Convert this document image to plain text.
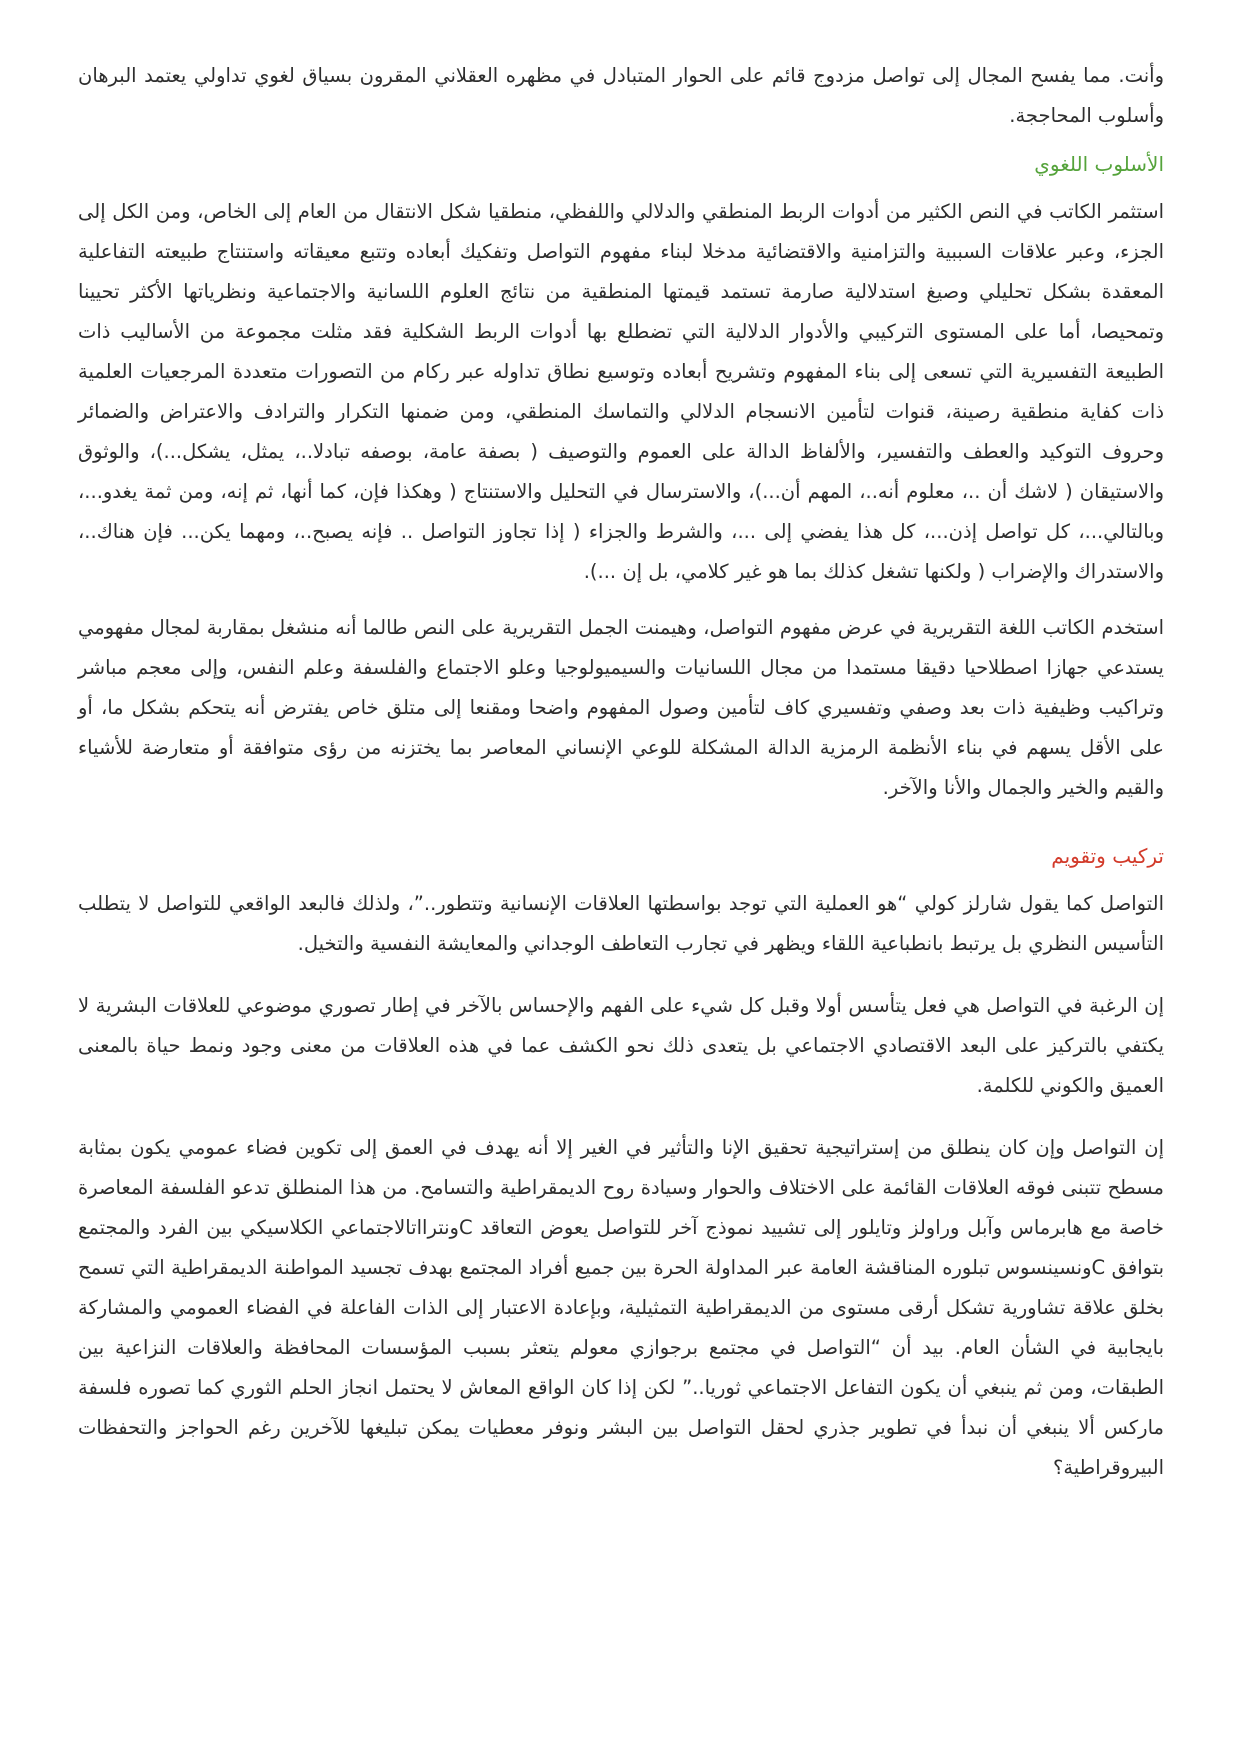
وأنت. مما يفسح المجال إلى تواصل مزدوج قائم على الحوار المتبادل في مظهره العقلاني المقرون بسياق لغوي تداولي يعتمد البرهان وأسلوب المحاججة.

الأسلوب اللغوي

استثمر الكاتب في النص الكثير من أدوات الربط المنطقي والدلالي واللفظي، منطقيا شكل الانتقال من العام إلى الخاص، ومن الكل إلى الجزء، وعبر علاقات السببية والتزامنية والاقتضائية مدخلا لبناء مفهوم التواصل وتفكيك أبعاده وتتبع معيقاته واستنتاج طبيعته التفاعلية المعقدة بشكل تحليلي وصيغ استدلالية صارمة تستمد قيمتها المنطقية من نتائج العلوم اللسانية والاجتماعية ونظرياتها الأكثر تحيينا وتمحيصا، أما على المستوى التركيبي والأدوار الدلالية التي تضطلع بها أدوات الربط الشكلية فقد مثلت مجموعة من الأساليب ذات الطبيعة التفسيرية التي تسعى إلى بناء المفهوم وتشريح أبعاده وتوسيع نطاق تداوله عبر ركام من التصورات متعددة المرجعيات العلمية ذات كفاية منطقية رصينة، قنوات لتأمين الانسجام الدلالي والتماسك المنطقي، ومن ضمنها التكرار والترادف والاعتراض والضمائر وحروف التوكيد والعطف والتفسير، والألفاظ الدالة على العموم والتوصيف ( بصفة عامة، بوصفه تبادلا..، يمثل، يشكل...)، والوثوق والاستيقان ( لاشك أن ..، معلوم أنه..، المهم أن...)، والاسترسال في التحليل والاستنتاج ( وهكذا فإن، كما أنها، ثم إنه، ومن ثمة يغدو...، وبالتالي...، كل تواصل إذن...، كل هذا يفضي إلى ...، والشرط والجزاء ( إذا تجاوز التواصل .. فإنه يصبح..، ومهما يكن... فإن هناك..، والاستدراك والإضراب ( ولكنها تشغل كذلك بما هو غير كلامي، بل إن ...).

استخدم الكاتب اللغة التقريرية في عرض مفهوم التواصل، وهيمنت الجمل التقريرية على النص طالما أنه منشغل بمقاربة لمجال مفهومي يستدعي جهازا اصطلاحيا دقيقا مستمدا من مجال اللسانيات والسيميولوجيا وعلو الاجتماع والفلسفة وعلم النفس، وإلى معجم مباشر وتراكيب وظيفية ذات بعد وصفي وتفسيري كاف لتأمين وصول المفهوم واضحا ومقنعا إلى متلق خاص يفترض أنه يتحكم بشكل ما، أو على الأقل يسهم في بناء الأنظمة الرمزية الدالة المشكلة للوعي الإنساني المعاصر بما يختزنه من رؤى متوافقة أو متعارضة للأشياء والقيم والخير والجمال والأنا والآخر.

تركيب وتقويم

التواصل كما يقول شارلز كولي “هو العملية التي توجد بواسطتها العلاقات الإنسانية وتتطور..”، ولذلك فالبعد الواقعي للتواصل لا يتطلب التأسيس النظري بل يرتبط بانطباعية اللقاء ويظهر في تجارب التعاطف الوجداني والمعايشة النفسية والتخيل.

إن الرغبة في التواصل هي فعل يتأسس أولا وقبل كل شيء على الفهم والإحساس بالآخر في إطار تصوري موضوعي للعلاقات البشرية لا يكتفي بالتركيز على البعد الاقتصادي الاجتماعي بل يتعدى ذلك نحو الكشف عما في هذه العلاقات من معنى وجود ونمط حياة بالمعنى العميق والكوني للكلمة.

إن التواصل وإن كان ينطلق من إستراتيجية تحقيق الإنا والتأثير في الغير إلا أنه يهدف في العمق إلى تكوين فضاء عمومي يكون بمثابة مسطح تتبنى فوقه العلاقات القائمة على الاختلاف والحوار وسيادة روح الديمقراطية والتسامح. من هذا المنطلق تدعو الفلسفة المعاصرة خاصة مع هابرماس وآبل وراولز وتايلور إلى تشييد نموذج آخر للتواصل يعوض التعاقد Cونترااتالاجتماعي الكلاسيكي بين الفرد والمجتمع بتوافق Cونسينسوس تبلوره المناقشة العامة عبر المداولة الحرة بين جميع أفراد المجتمع بهدف تجسيد المواطنة الديمقراطية التي تسمح بخلق علاقة تشاورية تشكل أرقى مستوى من الديمقراطية التمثيلية، وبإعادة الاعتبار إلى الذات الفاعلة في الفضاء العمومي والمشاركة بايجابية في الشأن العام. بيد أن “التواصل في مجتمع برجوازي معولم يتعثر بسبب المؤسسات المحافظة والعلاقات النزاعية بين الطبقات، ومن ثم ينبغي أن يكون التفاعل الاجتماعي ثوريا..” لكن إذا كان الواقع المعاش لا يحتمل انجاز الحلم الثوري كما تصوره فلسفة ماركس ألا ينبغي أن نبدأ في تطوير جذري لحقل التواصل بين البشر ونوفر معطيات يمكن تبليغها للآخرين رغم الحواجز والتحفظات البيروقراطية؟
